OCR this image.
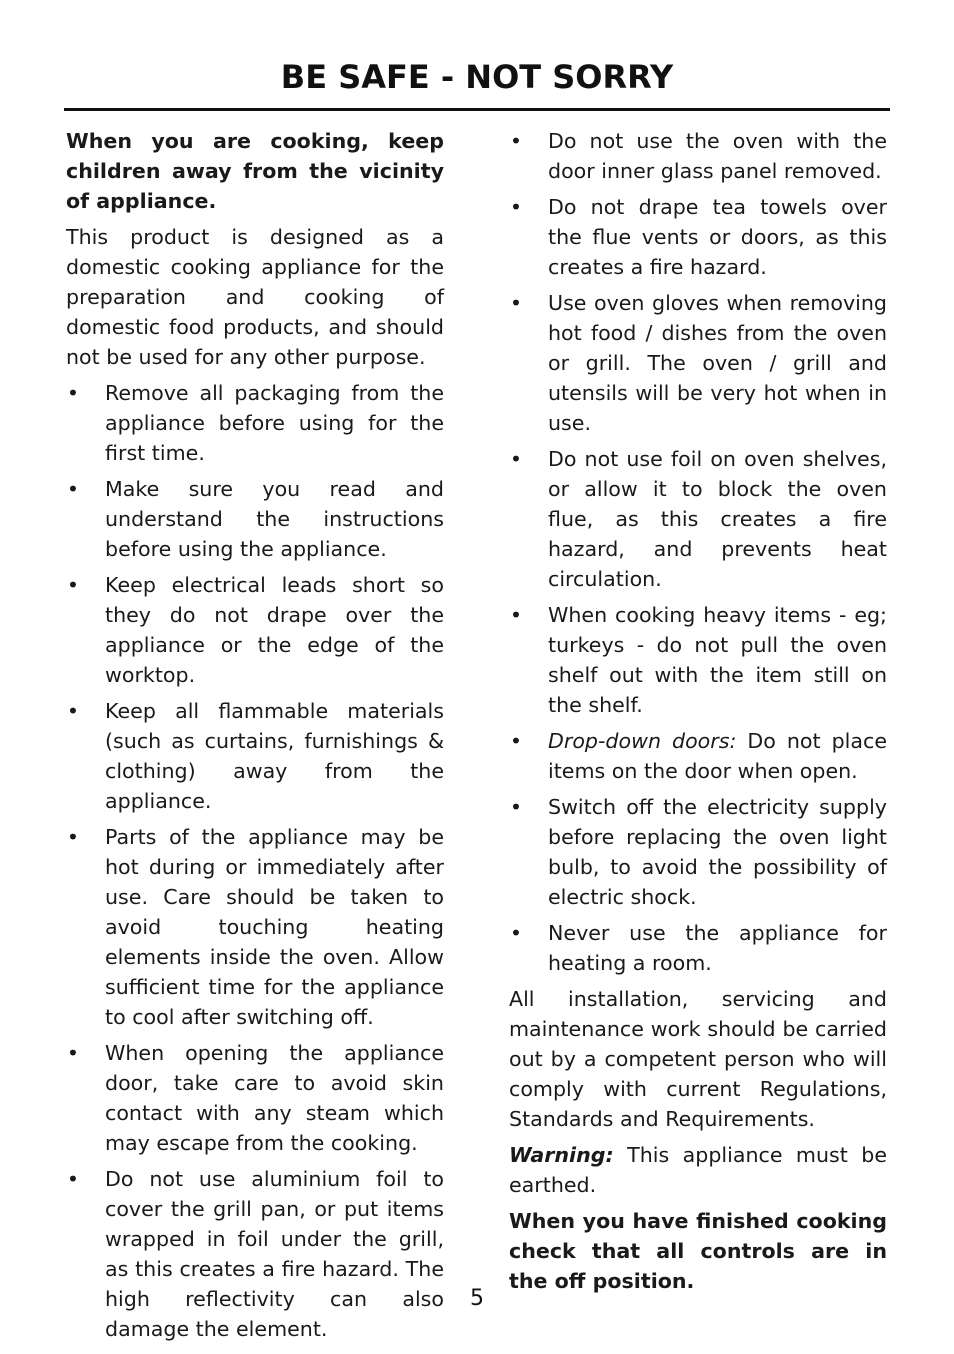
BE SAFE - NOT SORRY

When you are cooking, keep children away from the vicinity of appliance.

This product is designed as a domestic cooking appliance for the preparation and cooking of domestic food products, and should not be used for any other purpose.

• Remove all packaging from the appliance before using for the first time.
• Make sure you read and understand the instructions before using the appliance.
• Keep electrical leads short so they do not drape over the appliance or the edge of the worktop.
• Keep all flammable materials (such as curtains, furnishings & clothing) away from the appliance.
• Parts of the appliance may be hot during or immediately after use. Care should be taken to avoid touching heating elements inside the oven. Allow sufficient time for the appliance to cool after switching off.
• When opening the appliance door, take care to avoid skin contact with any steam which may escape from the cooking.
• Do not use aluminium foil to cover the grill pan, or put items wrapped in foil under the grill, as this creates a fire hazard. The high reflectivity can also damage the element.
• Do not use the oven with the door inner glass panel removed.
• Do not drape tea towels over the flue vents or doors, as this creates a fire hazard.
• Use oven gloves when removing hot food / dishes from the oven or grill. The oven / grill and utensils will be very hot when in use.
• Do not use foil on oven shelves, or allow it to block the oven flue, as this creates a fire hazard, and prevents heat circulation.
• When cooking heavy items - eg; turkeys - do not pull the oven shelf out with the item still on the shelf.
• Drop-down doors: Do not place items on the door when open.
• Switch off the electricity supply before replacing the oven light bulb, to avoid the possibility of electric shock.
• Never use the appliance for heating a room.

All installation, servicing and maintenance work should be carried out by a competent person who will comply with current Regulations, Standards and Requirements.

Warning: This appliance must be earthed.

When you have finished cooking check that all controls are in the off position.

5
